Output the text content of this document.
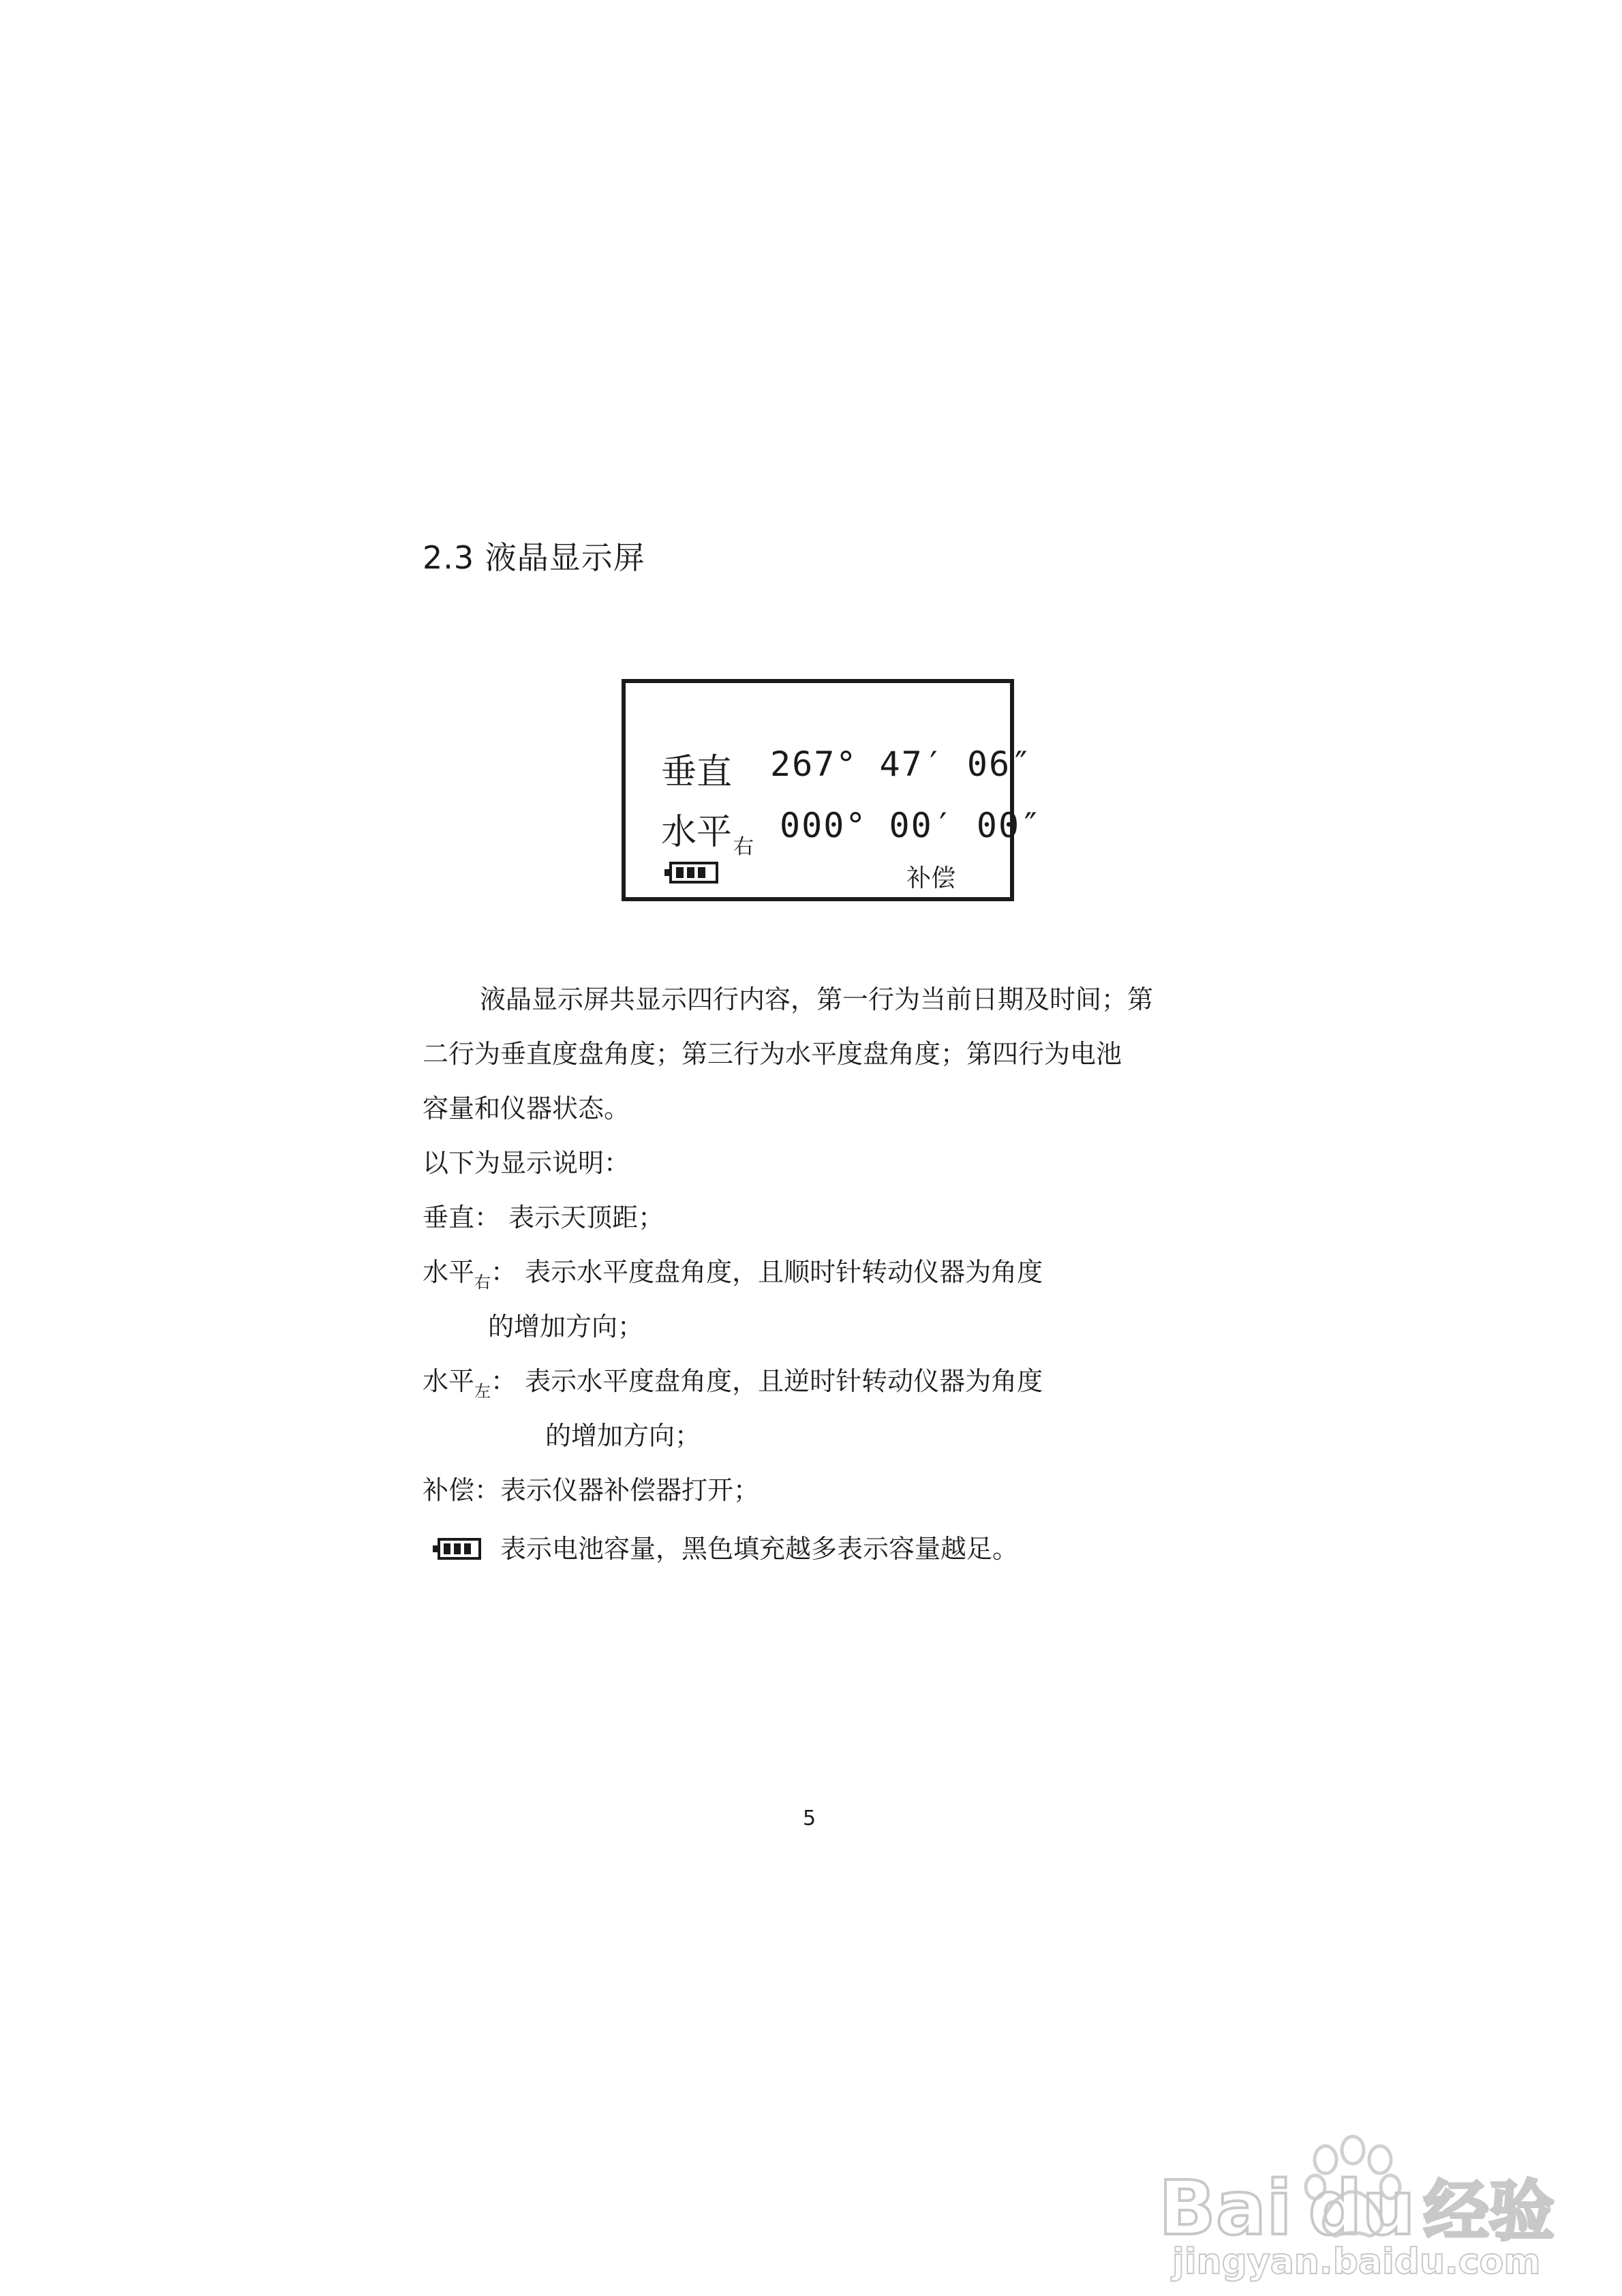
2.3 液晶显示屏
垂直 267° 47′ 06″
水平$_右$
000° 00′ 00″
补偿
液晶显示屏共显示四行内容，第一行为当前日期及时间；第
二行为垂直度盘角度；第三行为水平度盘角度；第四行为电池
容量和仪器状态。
以下为显示说明：
垂直： 表示天顶距；
水平$_右$： 表示水平度盘角度，且顺时针转动仪器为角度
的增加方向；
水平$_左$： 表示水平度盘角度，且逆时针转动仪器为角度
的增加方向；
补偿：表示仪器补偿器打开；
表示电池容量，黑色填充越多表示容量越足。
5
Bai du 经验
jingyan.baidu.com
